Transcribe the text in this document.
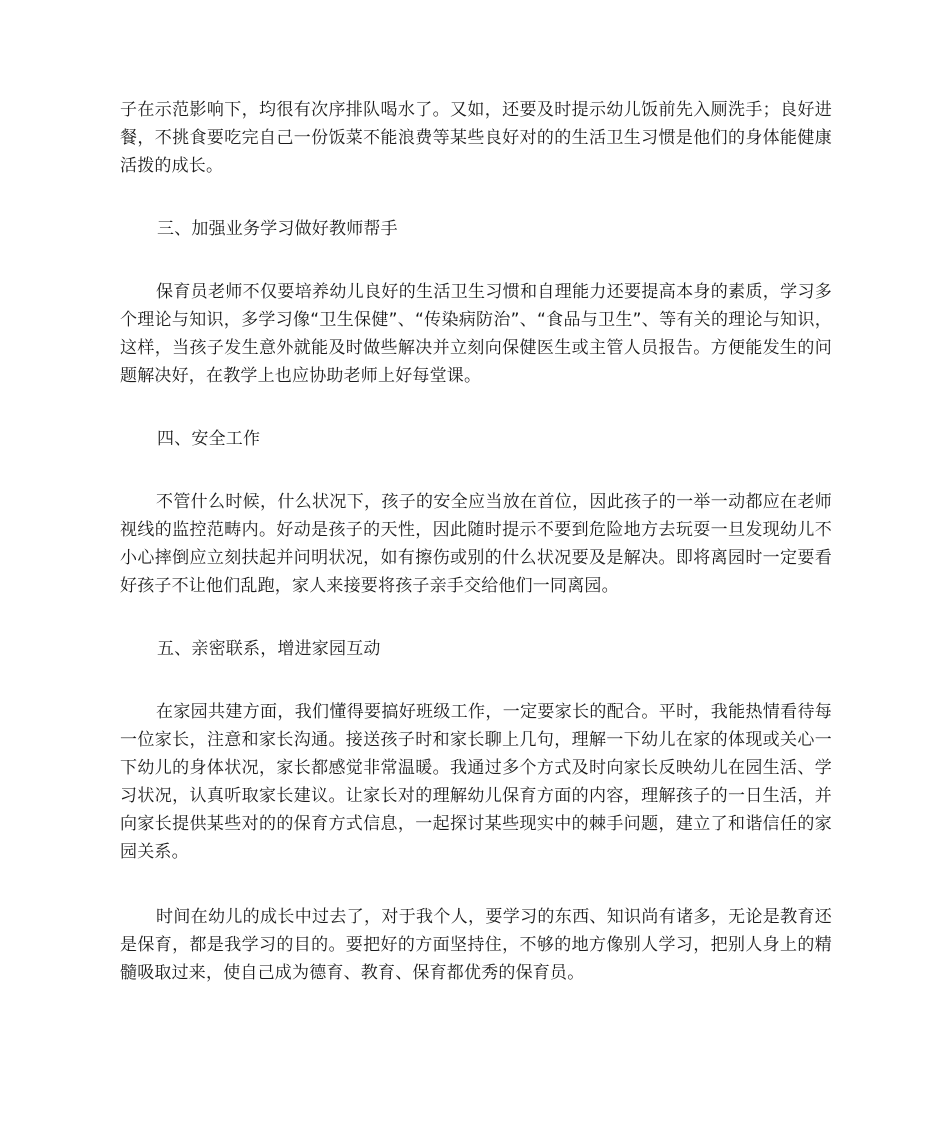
子在示范影响下，均很有次序排队喝水了。又如，还要及时提示幼儿饭前先入厕洗手；良好进餐，不挑食要吃完自己一份饭菜不能浪费等某些良好对的的生活卫生习惯是他们的身体能健康活拨的成长。

三、加强业务学习做好教师帮手

保育员老师不仅要培养幼儿良好的生活卫生习惯和自理能力还要提高本身的素质，学习多个理论与知识，多学习像“卫生保健”、“传染病防治”、“食品与卫生”、等有关的理论与知识，这样，当孩子发生意外就能及时做些解决并立刻向保健医生或主管人员报告。方便能发生的问题解决好，在教学上也应协助老师上好每堂课。

四、安全工作

不管什么时候，什么状况下，孩子的安全应当放在首位，因此孩子的一举一动都应在老师视线的监控范畴内。好动是孩子的天性，因此随时提示不要到危险地方去玩耍一旦发现幼儿不小心摔倒应立刻扶起并问明状况，如有擦伤或别的什么状况要及是解决。即将离园时一定要看好孩子不让他们乱跑，家人来接要将孩子亲手交给他们一同离园。

五、亲密联系，增进家园互动

在家园共建方面，我们懂得要搞好班级工作，一定要家长的配合。平时，我能热情看待每一位家长，注意和家长沟通。接送孩子时和家长聊上几句，理解一下幼儿在家的体现或关心一下幼儿的身体状况，家长都感觉非常温暖。我通过多个方式及时向家长反映幼儿在园生活、学习状况，认真听取家长建议。让家长对的理解幼儿保育方面的内容，理解孩子的一日生活，并向家长提供某些对的的保育方式信息，一起探讨某些现实中的棘手问题，建立了和谐信任的家园关系。

时间在幼儿的成长中过去了，对于我个人，要学习的东西、知识尚有诸多，无论是教育还是保育，都是我学习的目的。要把好的方面坚持住，不够的地方像别人学习，把别人身上的精髓吸取过来，使自己成为德育、教育、保育都优秀的保育员。
